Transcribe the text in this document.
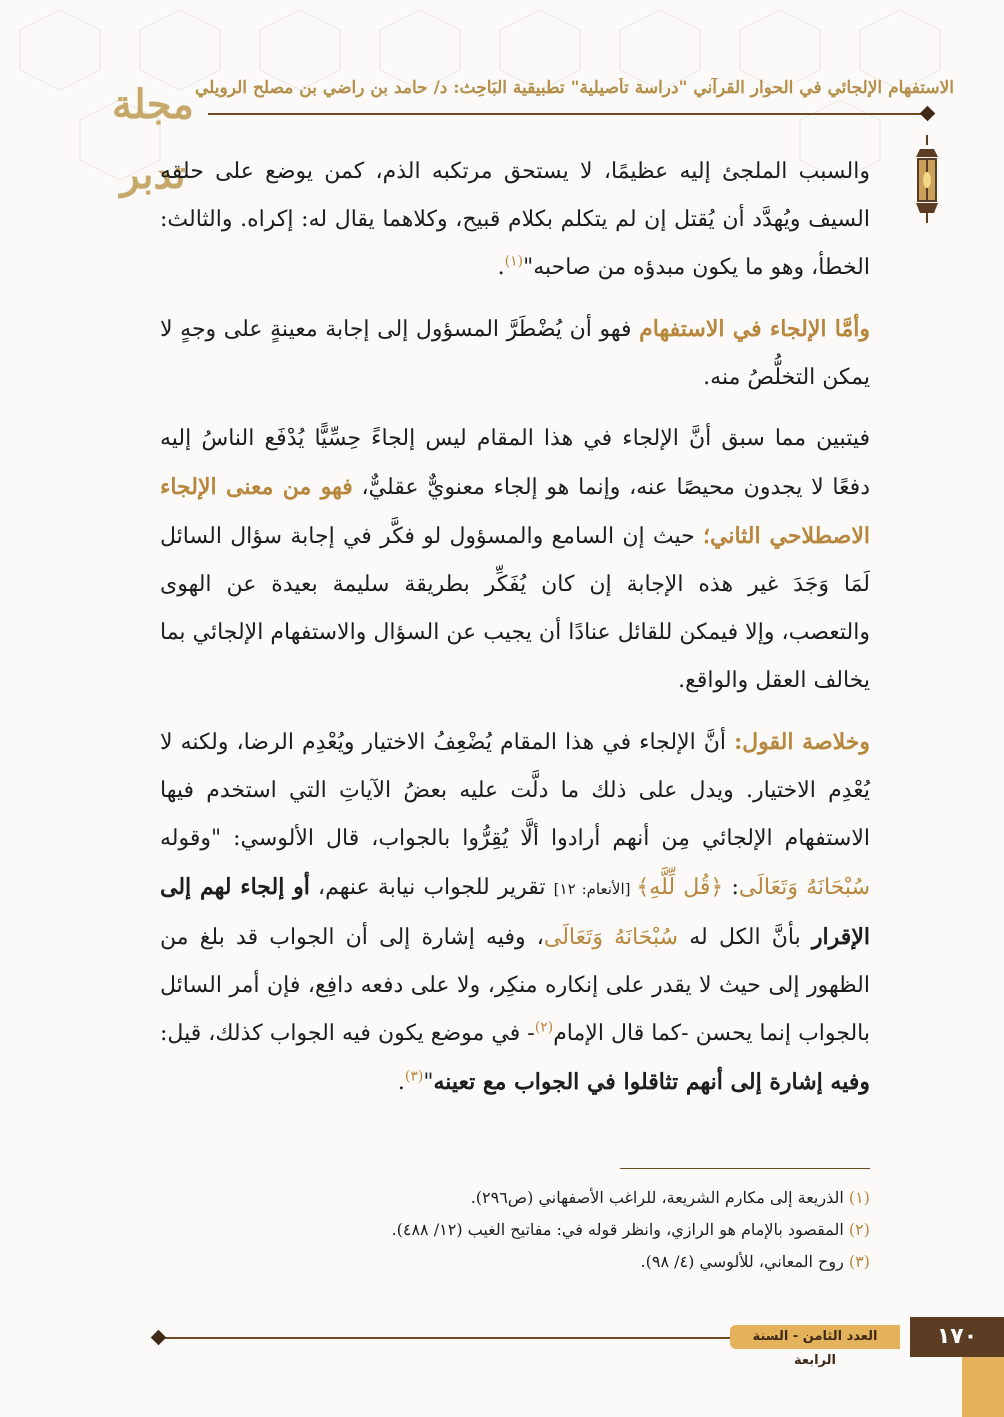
مجلة تدبر
الاستفهام الإلجائي في الحوار القرآني "دراسة تأصيلية" تطبيقية البَاحِث: د/ حامد بن راضي بن مصلح الرويلي

والسبب الملجئ إليه عظيمًا، لا يستحق مرتكبه الذم، كمن يوضع على حلقه السيف ويُهدَّد أن يُقتل إن لم يتكلم بكلام قبيح، وكلاهما يقال له: إكراه. والثالث: الخطأ، وهو ما يكون مبدؤه من صاحبه"$^{(١)}$.

وأمَّا الإلجاء في الاستفهام فهو أن يُضْطَرَّ المسؤول إلى إجابة معينةٍ على وجهٍ لا يمكن التخلُّصُ منه.

فيتبين مما سبق أنَّ الإلجاء في هذا المقام ليس إلجاءً حِسِّيًّا يُدْفَع الناسُ إليه دفعًا لا يجدون محيصًا عنه، وإنما هو إلجاء معنويٌّ عقليٌّ، فهو من معنى الإلجاء الاصطلاحي الثاني؛ حيث إن السامع والمسؤول لو فكَّر في إجابة سؤال السائل لَمَا وَجَدَ غير هذه الإجابة إن كان يُفَكِّر بطريقة سليمة بعيدة عن الهوى والتعصب، وإلا فيمكن للقائل عنادًا أن يجيب عن السؤال والاستفهام الإلجائي بما يخالف العقل والواقع.

وخلاصة القول: أنَّ الإلجاء في هذا المقام يُضْعِفُ الاختيار ويُعْدِم الرضا، ولكنه لا يُعْدِم الاختيار. ويدل على ذلك ما دلَّت عليه بعضُ الآياتِ التي استخدم فيها الاستفهام الإلجائي مِن أنهم أرادوا ألَّا يُقِرُّوا بالجواب، قال الألوسي: "وقوله سُبْحَانَهُ وَتَعَالَى: ﴿قُل لِّلَّهِ﴾ [الأنعام: ١٢] تقرير للجواب نيابة عنهم، أو إلجاء لهم إلى الإقرار بأنَّ الكل له سُبْحَانَهُ وَتَعَالَى، وفيه إشارة إلى أن الجواب قد بلغ من الظهور إلى حيث لا يقدر على إنكاره منكِر، ولا على دفعه دافِع، فإن أمر السائل بالجواب إنما يحسن -كما قال الإمام$^{(٢)}$- في موضع يكون فيه الجواب كذلك، قيل: وفيه إشارة إلى أنهم تثاقلوا في الجواب مع تعينه"$^{(٣)}$.

(١) الذريعة إلى مكارم الشريعة، للراغب الأصفهاني (ص٢٩٦).
(٢) المقصود بالإمام هو الرازي، وانظر قوله في: مفاتيح الغيب (١٢/ ٤٨٨).
(٣) روح المعاني، للألوسي (٤/ ٩٨).
العدد الثامن - السنة الرابعة
١٧٠
